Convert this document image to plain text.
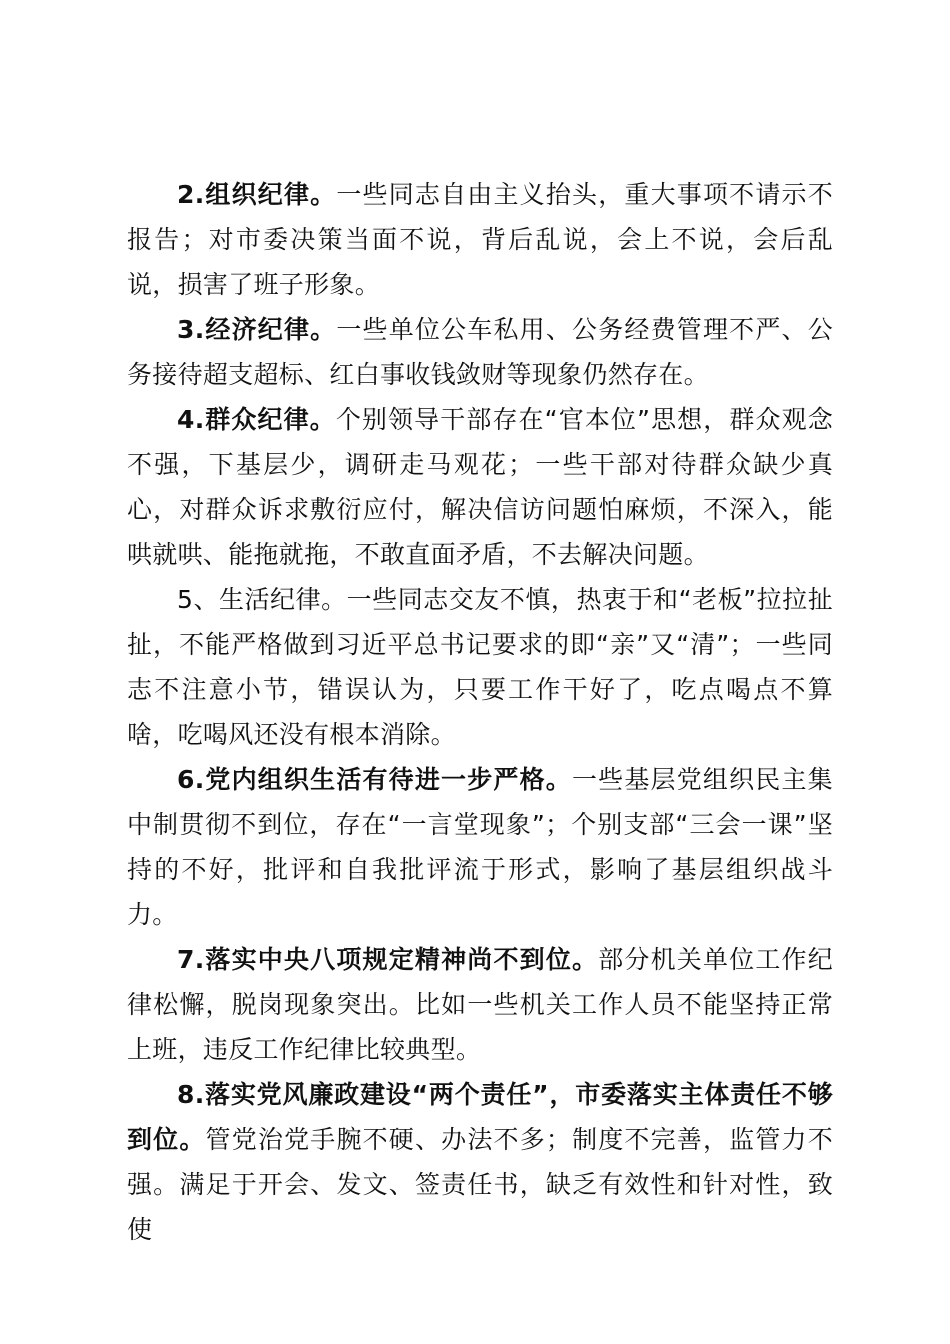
2.组织纪律。一些同志自由主义抬头，重大事项不请示不报告；对市委决策当面不说，背后乱说，会上不说，会后乱说，损害了班子形象。

3.经济纪律。一些单位公车私用、公务经费管理不严、公务接待超支超标、红白事收钱敛财等现象仍然存在。

4.群众纪律。个别领导干部存在“官本位”思想，群众观念不强，下基层少，调研走马观花；一些干部对待群众缺少真心，对群众诉求敷衍应付，解决信访问题怕麻烦，不深入，能哄就哄、能拖就拖，不敢直面矛盾，不去解决问题。

5、生活纪律。一些同志交友不慎，热衷于和“老板”拉拉扯扯，不能严格做到习近平总书记要求的即“亲”又“清”；一些同志不注意小节，错误认为，只要工作干好了，吃点喝点不算啥，吃喝风还没有根本消除。

6.党内组织生活有待进一步严格。一些基层党组织民主集中制贯彻不到位，存在“一言堂现象”；个别支部“三会一课”坚持的不好，批评和自我批评流于形式，影响了基层组织战斗力。

7.落实中央八项规定精神尚不到位。部分机关单位工作纪律松懈，脱岗现象突出。比如一些机关工作人员不能坚持正常上班，违反工作纪律比较典型。

8.落实党风廉政建设“两个责任”，市委落实主体责任不够到位。管党治党手腕不硬、办法不多；制度不完善，监管力不强。满足于开会、发文、签责任书，缺乏有效性和针对性，致使
